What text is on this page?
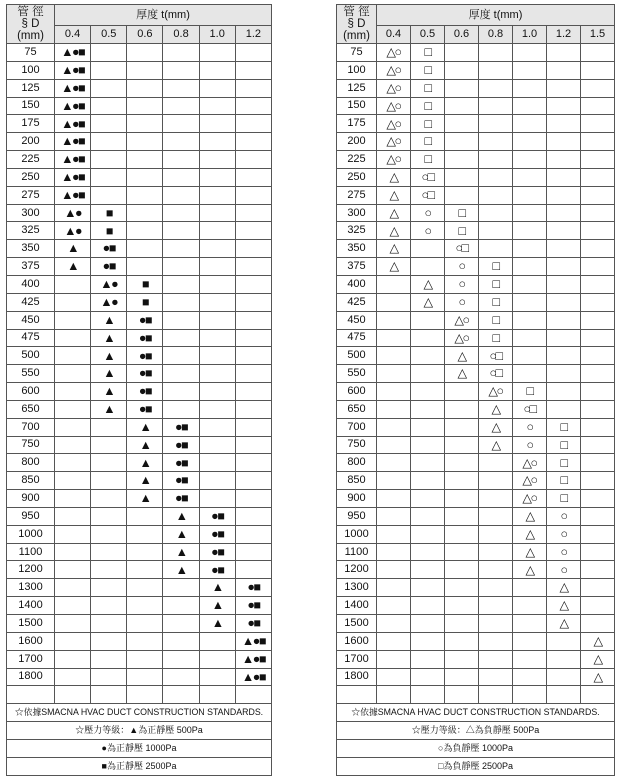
管 徑
§ D
(mm)	厚度 t(mm)					
	0.4	0.5	0.6	0.8	1.0	1.2
75	▲●■					
100	▲●■					
125	▲●■					
150	▲●■					
175	▲●■					
200	▲●■					
225	▲●■					
250	▲●■					
275	▲●■					
300	▲●	■				
325	▲●	■				
350	▲	●■				
375	▲	●■				
400		▲●	■			
425		▲●	■			
450		▲	●■			
475		▲	●■			
500		▲	●■			
550		▲	●■			
600		▲	●■			
650		▲	●■			
700			▲	●■		
750			▲	●■		
800			▲	●■		
850			▲	●■		
900			▲	●■		
950				▲	●■	
1000				▲	●■	
1100				▲	●■	
1200				▲	●■	
1300					▲	●■
1400					▲	●■
1500					▲	●■
1600						▲●■
1700						▲●■
1800						▲●■

☆依據SMACNA HVAC DUCT CONSTRUCTION STANDARDS.						
☆壓力等級：▲為正靜壓 500Pa						
●為正靜壓 1000Pa						
■為正靜壓 2500Pa						
管 徑
§ D
(mm)	厚度 t(mm)						
	0.4	0.5	0.6	0.8	1.0	1.2	1.5
75	△○	□					
100	△○	□					
125	△○	□					
150	△○	□					
175	△○	□					
200	△○	□					
225	△○	□					
250	△	○□					
275	△	○□					
300	△	○	□				
325	△	○	□				
350	△		○□				
375	△		○	□			
400		△	○	□			
425		△	○	□			
450			△○	□			
475			△○	□			
500			△	○□			
550			△	○□			
600				△○	□		
650				△	○□		
700				△	○	□	
750				△	○	□	
800					△○	□	
850					△○	□	
900					△○	□	
950					△	○	
1000					△	○	
1100					△	○	
1200					△	○	
1300						△	
1400						△	
1500						△	
1600							△
1700							△
1800							△

☆依據SMACNA HVAC DUCT CONSTRUCTION STANDARDS.							
☆壓力等級：△為負靜壓 500Pa							
○為負靜壓 1000Pa							
□為負靜壓 2500Pa							
